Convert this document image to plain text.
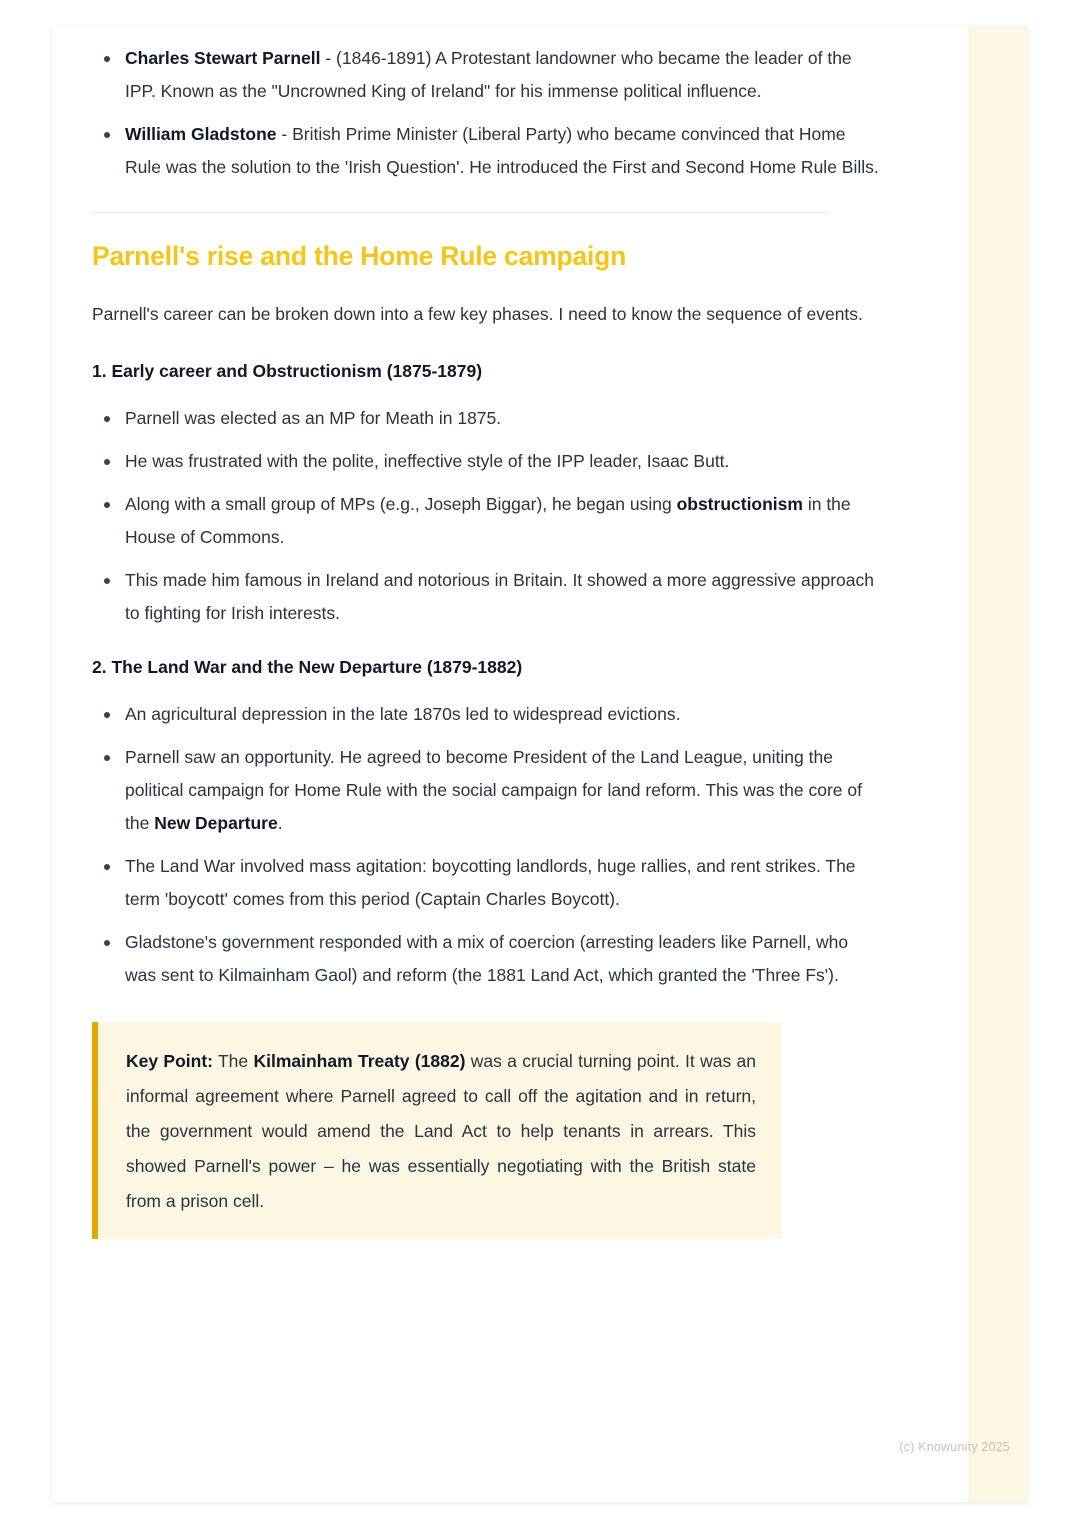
Charles Stewart Parnell - (1846-1891) A Protestant landowner who became the leader of the IPP. Known as the "Uncrowned King of Ireland" for his immense political influence.
William Gladstone - British Prime Minister (Liberal Party) who became convinced that Home Rule was the solution to the 'Irish Question'. He introduced the First and Second Home Rule Bills.
Parnell's rise and the Home Rule campaign

Parnell's career can be broken down into a few key phases. I need to know the sequence of events.

1. Early career and Obstructionism (1875-1879)
Parnell was elected as an MP for Meath in 1875.
He was frustrated with the polite, ineffective style of the IPP leader, Isaac Butt.
Along with a small group of MPs (e.g., Joseph Biggar), he began using obstructionism in the House of Commons.
This made him famous in Ireland and notorious in Britain. It showed a more aggressive approach to fighting for Irish interests.
2. The Land War and the New Departure (1879-1882)
An agricultural depression in the late 1870s led to widespread evictions.
Parnell saw an opportunity. He agreed to become President of the Land League, uniting the political campaign for Home Rule with the social campaign for land reform. This was the core of the New Departure.
The Land War involved mass agitation: boycotting landlords, huge rallies, and rent strikes. The term 'boycott' comes from this period (Captain Charles Boycott).
Gladstone's government responded with a mix of coercion (arresting leaders like Parnell, who was sent to Kilmainham Gaol) and reform (the 1881 Land Act, which granted the 'Three Fs').

Key Point: The Kilmainham Treaty (1882) was a crucial turning point. It was an informal agreement where Parnell agreed to call off the agitation and in return, the government would amend the Land Act to help tenants in arrears. This showed Parnell's power – he was essentially negotiating with the British state from a prison cell.

(c) Knowunity 2025
